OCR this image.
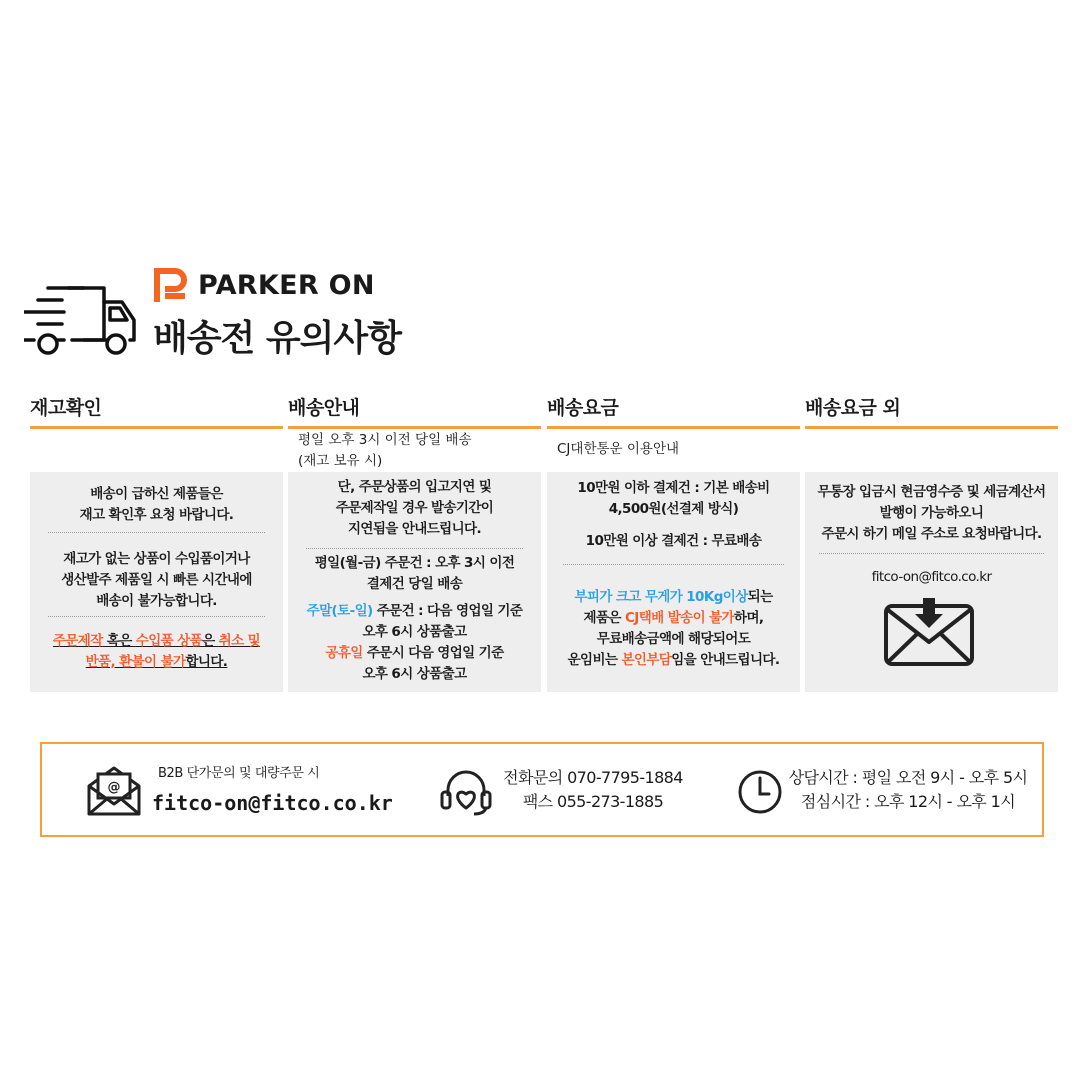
PARKER ON
배송전 유의사항
재고확인	배송안내	배송요금	배송요금 외
평일 오후 3시 이전 당일 배송
(재고 보유 시)
CJ대한통운 이용안내
배송이 급하신 제품들은
재고 확인후 요청 바랍니다.
재고가 없는 상품이 수입품이거나
생산발주 제품일 시 빠른 시간내에
배송이 불가능합니다.
주문제작 혹은 수입품 상품은 취소 및
반품, 환불이 불가합니다.
단, 주문상품의 입고지연 및
주문제작일 경우 발송기간이
지연됨을 안내드립니다.
평일(월-금) 주문건 : 오후 3시 이전
결제건 당일 배송
주말(토-일) 주문건 : 다음 영업일 기준
오후 6시 상품출고
공휴일 주문시 다음 영업일 기준
오후 6시 상품출고
10만원 이하 결제건 : 기본 배송비
4,500원(선결제 방식)
10만원 이상 결제건 : 무료배송
부피가 크고 무게가 10Kg이상되는
제품은 CJ택배 발송이 불가하며,
무료배송금액에 해당되어도
운임비는 본인부담임을 안내드립니다.
무통장 입금시 현금영수증 및 세금계산서
발행이 가능하오니
주문시 하기 메일 주소로 요청바랍니다.
fitco-on@fitco.co.kr
@
B2B 단가문의 및 대량주문 시
fitco-on@fitco.co.kr
전화문의 070-7795-1884
팩스 055-273-1885
상담시간 : 평일 오전 9시 - 오후 5시
점심시간 : 오후 12시 - 오후 1시
